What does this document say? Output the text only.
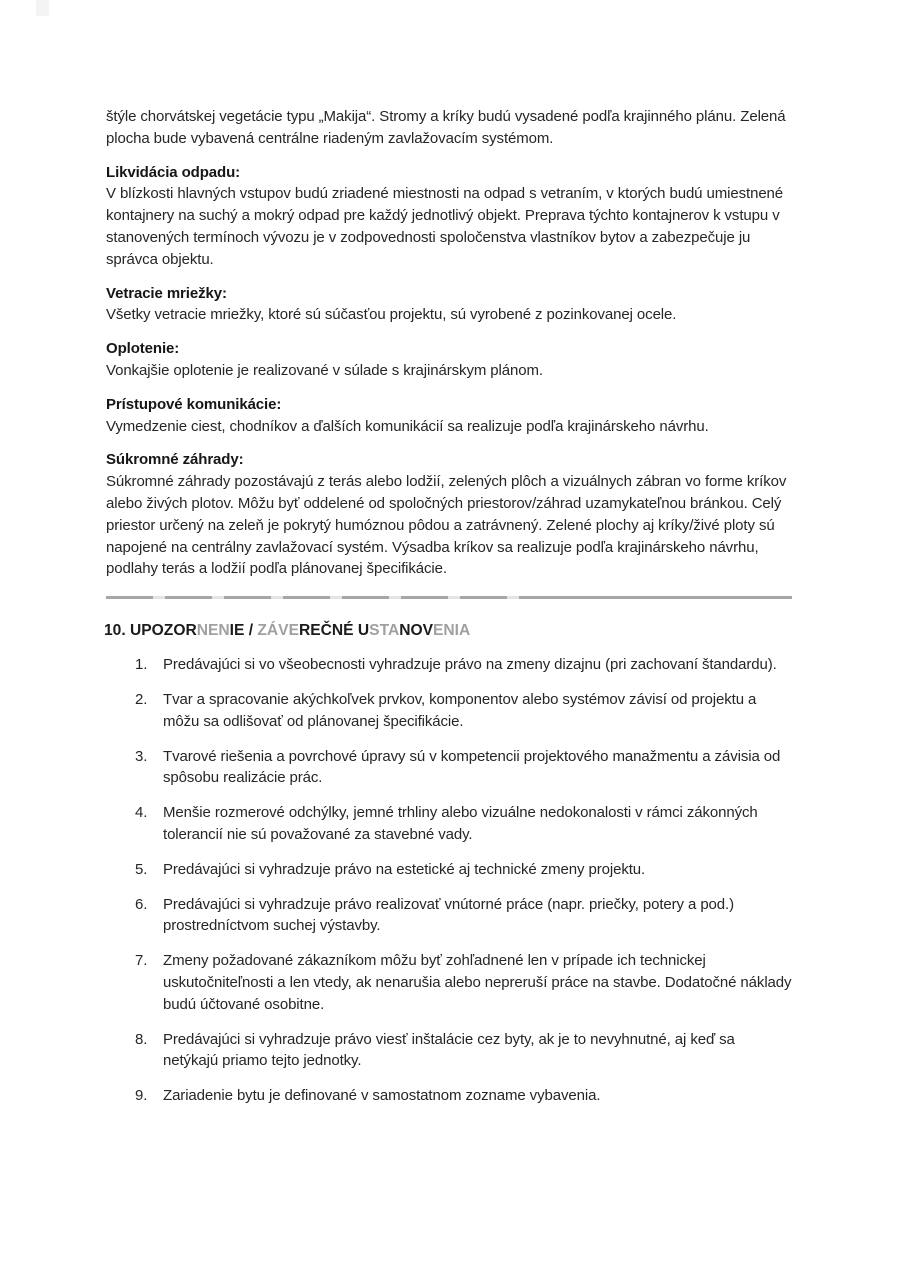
štýle chorvátskej vegetácie typu „Makija“. Stromy a kríky budú vysadené podľa krajinného plánu. Zelená plocha bude vybavená centrálne riadeným zavlažovacím systémom.

Likvidácia odpadu:

V blízkosti hlavných vstupov budú zriadené miestnosti na odpad s vetraním, v ktorých budú umiestnené kontajnery na suchý a mokrý odpad pre každý jednotlivý objekt. Preprava týchto kontajnerov k vstupu v stanovených termínoch vývozu je v zodpovednosti spoločenstva vlastníkov bytov a zabezpečuje ju správca objektu.

Vetracie mriežky:

Všetky vetracie mriežky, ktoré sú súčasťou projektu, sú vyrobené z pozinkovanej ocele.

Oplotenie:

Vonkajšie oplotenie je realizované v súlade s krajinárskym plánom.

Prístupové komunikácie:

Vymedzenie ciest, chodníkov a ďalších komunikácií sa realizuje podľa krajinárskeho návrhu.

Súkromné záhrady:

Súkromné záhrady pozostávajú z terás alebo lodžií, zelených plôch a vizuálnych zábran vo forme kríkov alebo živých plotov. Môžu byť oddelené od spoločných priestorov/záhrad uzamykateľnou bránkou. Celý priestor určený na zeleň je pokrytý humóznou pôdou a zatrávnený. Zelené plochy aj kríky/živé ploty sú napojené na centrálny zavlažovací systém. Výsadba kríkov sa realizuje podľa krajinárskeho návrhu, podlahy terás a lodžií podľa plánovanej špecifikácie.

10. UPOZORNENIE / ZÁVEREČNÉ USTANOVENIA
1.	Predávajúci si vo všeobecnosti vyhradzuje právo na zmeny dizajnu (pri zachovaní štandardu).
2.	Tvar a spracovanie akýchkoľvek prvkov, komponentov alebo systémov závisí od projektu a môžu sa odlišovať od plánovanej špecifikácie.
3.	Tvarové riešenia a povrchové úpravy sú v kompetencii projektového manažmentu a závisia od spôsobu realizácie prác.
4.	Menšie rozmerové odchýlky, jemné trhliny alebo vizuálne nedokonalosti v rámci zákonných tolerancií nie sú považované za stavebné vady.
5.	Predávajúci si vyhradzuje právo na estetické aj technické zmeny projektu.
6.	Predávajúci si vyhradzuje právo realizovať vnútorné práce (napr. priečky, potery a pod.) prostredníctvom suchej výstavby.
7.	Zmeny požadované zákazníkom môžu byť zohľadnené len v prípade ich technickej uskutočniteľnosti a len vtedy, ak nenarušia alebo nepreruší práce na stavbe. Dodatočné náklady budú účtované osobitne.
8.	Predávajúci si vyhradzuje právo viesť inštalácie cez byty, ak je to nevyhnutné, aj keď sa netýkajú priamo tejto jednotky.
9.	Zariadenie bytu je definované v samostatnom zozname vybavenia.
